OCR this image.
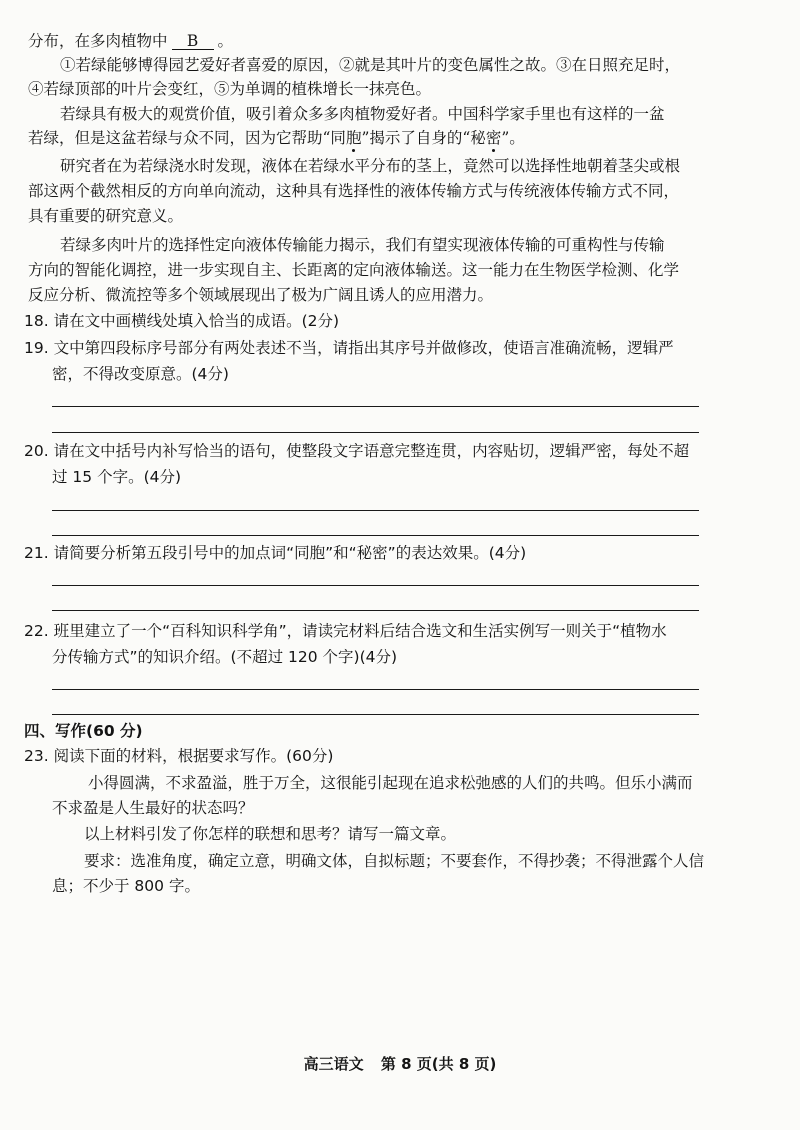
分布，在多肉植物中 B 。
①若绿能够博得园艺爱好者喜爱的原因，②就是其叶片的变色属性之故。③在日照充足时，
④若绿顶部的叶片会变红，⑤为单调的植株增长一抹亮色。
若绿具有极大的观赏价值，吸引着众多多肉植物爱好者。中国科学家手里也有这样的一盆
若绿，但是这盆若绿与众不同，因为它帮助“同胞”揭示了自身的“秘密”。
研究者在为若绿浇水时发现，液体在若绿水平分布的茎上，竟然可以选择性地朝着茎尖或根
部这两个截然相反的方向单向流动，这种具有选择性的液体传输方式与传统液体传输方式不同，
具有重要的研究意义。
若绿多肉叶片的选择性定向液体传输能力揭示，我们有望实现液体传输的可重构性与传输
方向的智能化调控，进一步实现自主、长距离的定向液体输送。这一能力在生物医学检测、化学
反应分析、微流控等多个领域展现出了极为广阔且诱人的应用潜力。
18. 请在文中画横线处填入恰当的成语。(2分)
19. 文中第四段标序号部分有两处表述不当，请指出其序号并做修改，使语言准确流畅，逻辑严
密，不得改变原意。(4分)
20. 请在文中括号内补写恰当的语句，使整段文字语意完整连贯，内容贴切，逻辑严密，每处不超
过 15 个字。(4分)
21. 请简要分析第五段引号中的加点词“同胞”和“秘密”的表达效果。(4分)
22. 班里建立了一个“百科知识科学角”，请读完材料后结合选文和生活实例写一则关于“植物水
分传输方式”的知识介绍。(不超过 120 个字)(4分)
四、写作(60 分)
23. 阅读下面的材料，根据要求写作。(60分)
小得圆满，不求盈溢，胜于万全，这很能引起现在追求松弛感的人们的共鸣。但乐小满而
不求盈是人生最好的状态吗？
以上材料引发了你怎样的联想和思考？请写一篇文章。
要求：选准角度，确定立意，明确文体，自拟标题；不要套作，不得抄袭；不得泄露个人信
息；不少于 800 字。
高三语文 第 8 页(共 8 页)
